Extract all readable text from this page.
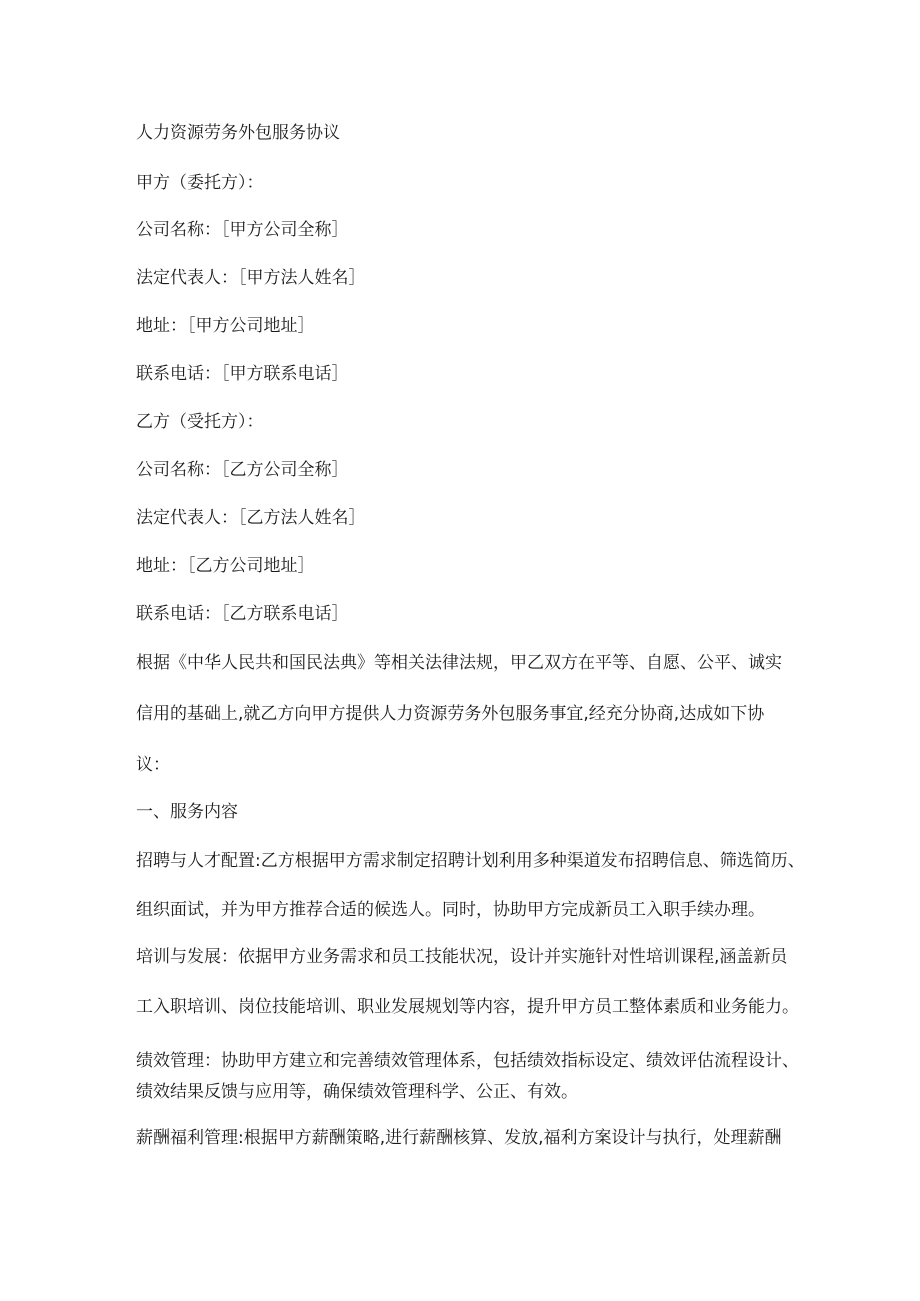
人力资源劳务外包服务协议
甲方（委托方）：
公司名称：［甲方公司全称］
法定代表人：［甲方法人姓名］
地址：［甲方公司地址］
联系电话：［甲方联系电话］
乙方（受托方）：
公司名称：［乙方公司全称］
法定代表人：［乙方法人姓名］
地址：［乙方公司地址］
联系电话：［乙方联系电话］
根据《中华人民共和国民法典》等相关法律法规，甲乙双方在平等、自愿、公平、诚实
信用的基础上,就乙方向甲方提供人力资源劳务外包服务事宜,经充分协商,达成如下协
议：
一、服务内容
招聘与人才配置:乙方根据甲方需求制定招聘计划利用多种渠道发布招聘信息、筛选简历、
组织面试，并为甲方推荐合适的候选人。同时，协助甲方完成新员工入职手续办理。
培训与发展：依据甲方业务需求和员工技能状况，设计并实施针对性培训课程,涵盖新员
工入职培训、岗位技能培训、职业发展规划等内容，提升甲方员工整体素质和业务能力。
绩效管理：协助甲方建立和完善绩效管理体系，包括绩效指标设定、绩效评估流程设计、
绩效结果反馈与应用等，确保绩效管理科学、公正、有效。
薪酬福利管理:根据甲方薪酬策略,进行薪酬核算、发放,福利方案设计与执行，处理薪酬
